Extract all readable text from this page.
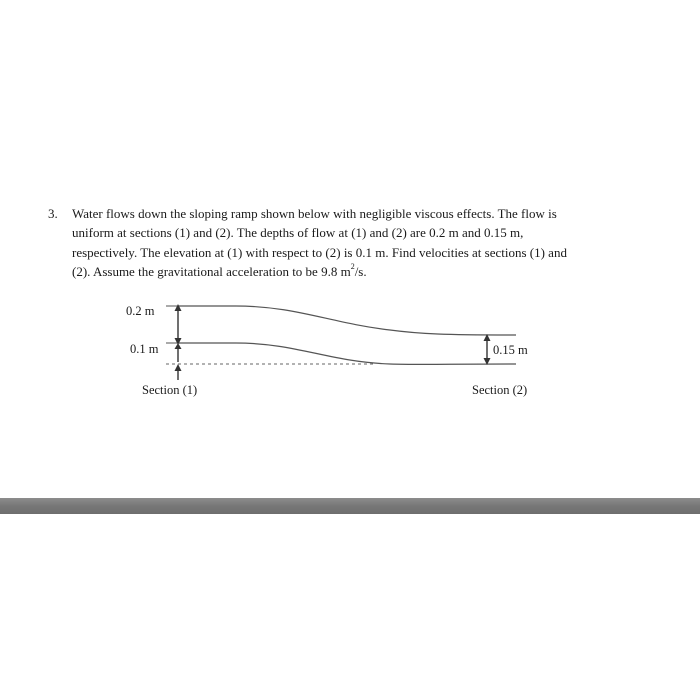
3. Water flows down the sloping ramp shown below with negligible viscous effects. The flow is
uniform at sections (1) and (2). The depths of flow at (1) and (2) are 0.2 m and 0.15 m,
respectively. The elevation at (1) with respect to (2) is 0.1 m. Find velocities at sections (1) and
(2). Assume the gravitational acceleration to be 9.8 $m^2/s$.
0.2 m
0.1 m	0.15 m
Section (1)	Section (2)
